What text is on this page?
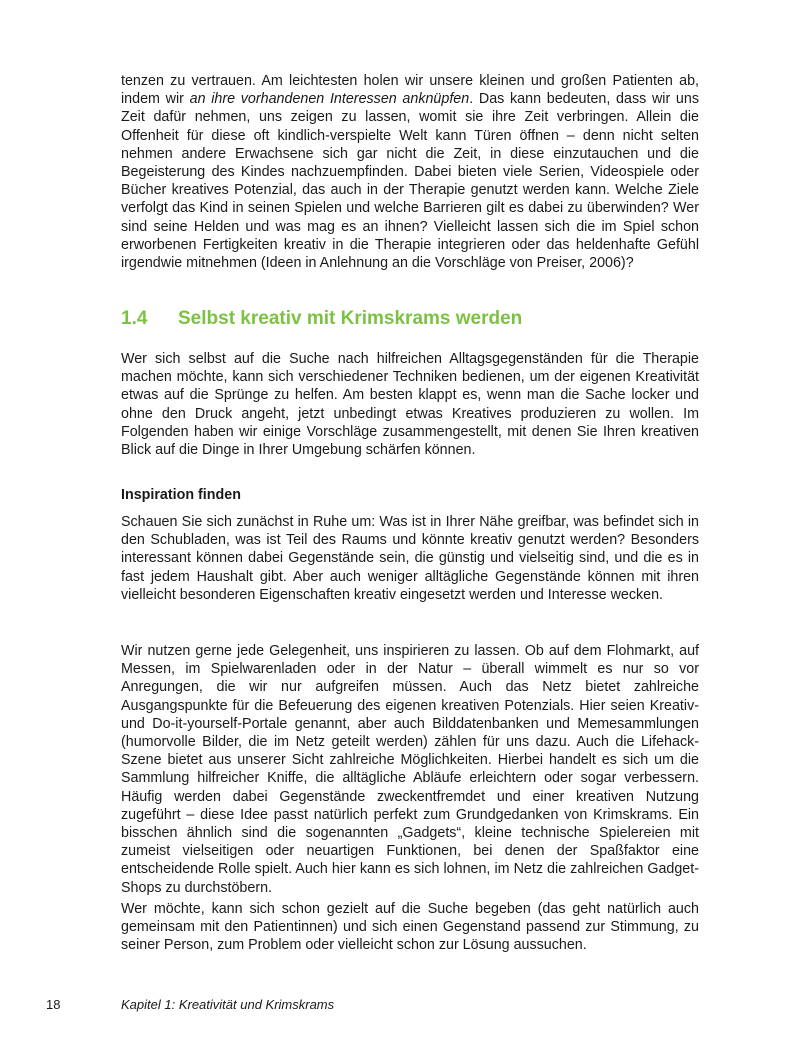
tenzen zu vertrauen. Am leichtesten holen wir unsere kleinen und großen Patienten ab, indem wir an ihre vorhandenen Interessen anknüpfen. Das kann bedeuten, dass wir uns Zeit dafür nehmen, uns zeigen zu lassen, womit sie ihre Zeit verbringen. Allein die Offenheit für diese oft kindlich-verspielte Welt kann Türen öffnen – denn nicht selten nehmen andere Erwachsene sich gar nicht die Zeit, in diese einzutauchen und die Begeisterung des Kindes nachzuempfinden. Dabei bieten viele Serien, Videospiele oder Bücher kreatives Potenzial, das auch in der Therapie genutzt werden kann. Welche Ziele verfolgt das Kind in seinen Spielen und welche Barrieren gilt es dabei zu überwinden? Wer sind seine Helden und was mag es an ihnen? Vielleicht lassen sich die im Spiel schon erworbenen Fertigkeiten kreativ in die Therapie integrieren oder das heldenhafte Gefühl irgendwie mitnehmen (Ideen in Anlehnung an die Vorschläge von Preiser, 2006)?

1.4 Selbst kreativ mit Krimskrams werden

Wer sich selbst auf die Suche nach hilfreichen Alltagsgegenständen für die Therapie machen möchte, kann sich verschiedener Techniken bedienen, um der eigenen Kreativität etwas auf die Sprünge zu helfen. Am besten klappt es, wenn man die Sache locker und ohne den Druck angeht, jetzt unbedingt etwas Kreatives produzieren zu wollen. Im Folgenden haben wir einige Vorschläge zusammengestellt, mit denen Sie Ihren kreativen Blick auf die Dinge in Ihrer Umgebung schärfen können.

Inspiration finden

Schauen Sie sich zunächst in Ruhe um: Was ist in Ihrer Nähe greifbar, was befindet sich in den Schubladen, was ist Teil des Raums und könnte kreativ genutzt werden? Besonders interessant können dabei Gegenstände sein, die günstig und vielseitig sind, und die es in fast jedem Haushalt gibt. Aber auch weniger alltägliche Gegenstände können mit ihren vielleicht besonderen Eigenschaften kreativ eingesetzt werden und Interesse wecken.

Wir nutzen gerne jede Gelegenheit, uns inspirieren zu lassen. Ob auf dem Flohmarkt, auf Messen, im Spielwarenladen oder in der Natur – überall wimmelt es nur so vor Anregungen, die wir nur aufgreifen müssen. Auch das Netz bietet zahlreiche Ausgangspunkte für die Befeuerung des eigenen kreativen Potenzials. Hier seien Kreativ- und Do-it-yourself-Portale genannt, aber auch Bilddatenbanken und Memesammlungen (humorvolle Bilder, die im Netz geteilt werden) zählen für uns dazu. Auch die Lifehack-Szene bietet aus unserer Sicht zahlreiche Möglichkeiten. Hierbei handelt es sich um die Sammlung hilfreicher Kniffe, die alltägliche Abläufe erleichtern oder sogar verbessern. Häufig werden dabei Gegenstände zweckentfremdet und einer kreativen Nutzung zugeführt – diese Idee passt natürlich perfekt zum Grundgedanken von Krimskrams. Ein bisschen ähnlich sind die sogenannten „Gadgets“, kleine technische Spielereien mit zumeist vielseitigen oder neuartigen Funktionen, bei denen der Spaßfaktor eine entscheidende Rolle spielt. Auch hier kann es sich lohnen, im Netz die zahlreichen Gadget-Shops zu durchstöbern.

Wer möchte, kann sich schon gezielt auf die Suche begeben (das geht natürlich auch gemeinsam mit den Patientinnen) und sich einen Gegenstand passend zur Stimmung, zu seiner Person, zum Problem oder vielleicht schon zur Lösung aussuchen.

18	Kapitel 1: Kreativität und Krimskrams
